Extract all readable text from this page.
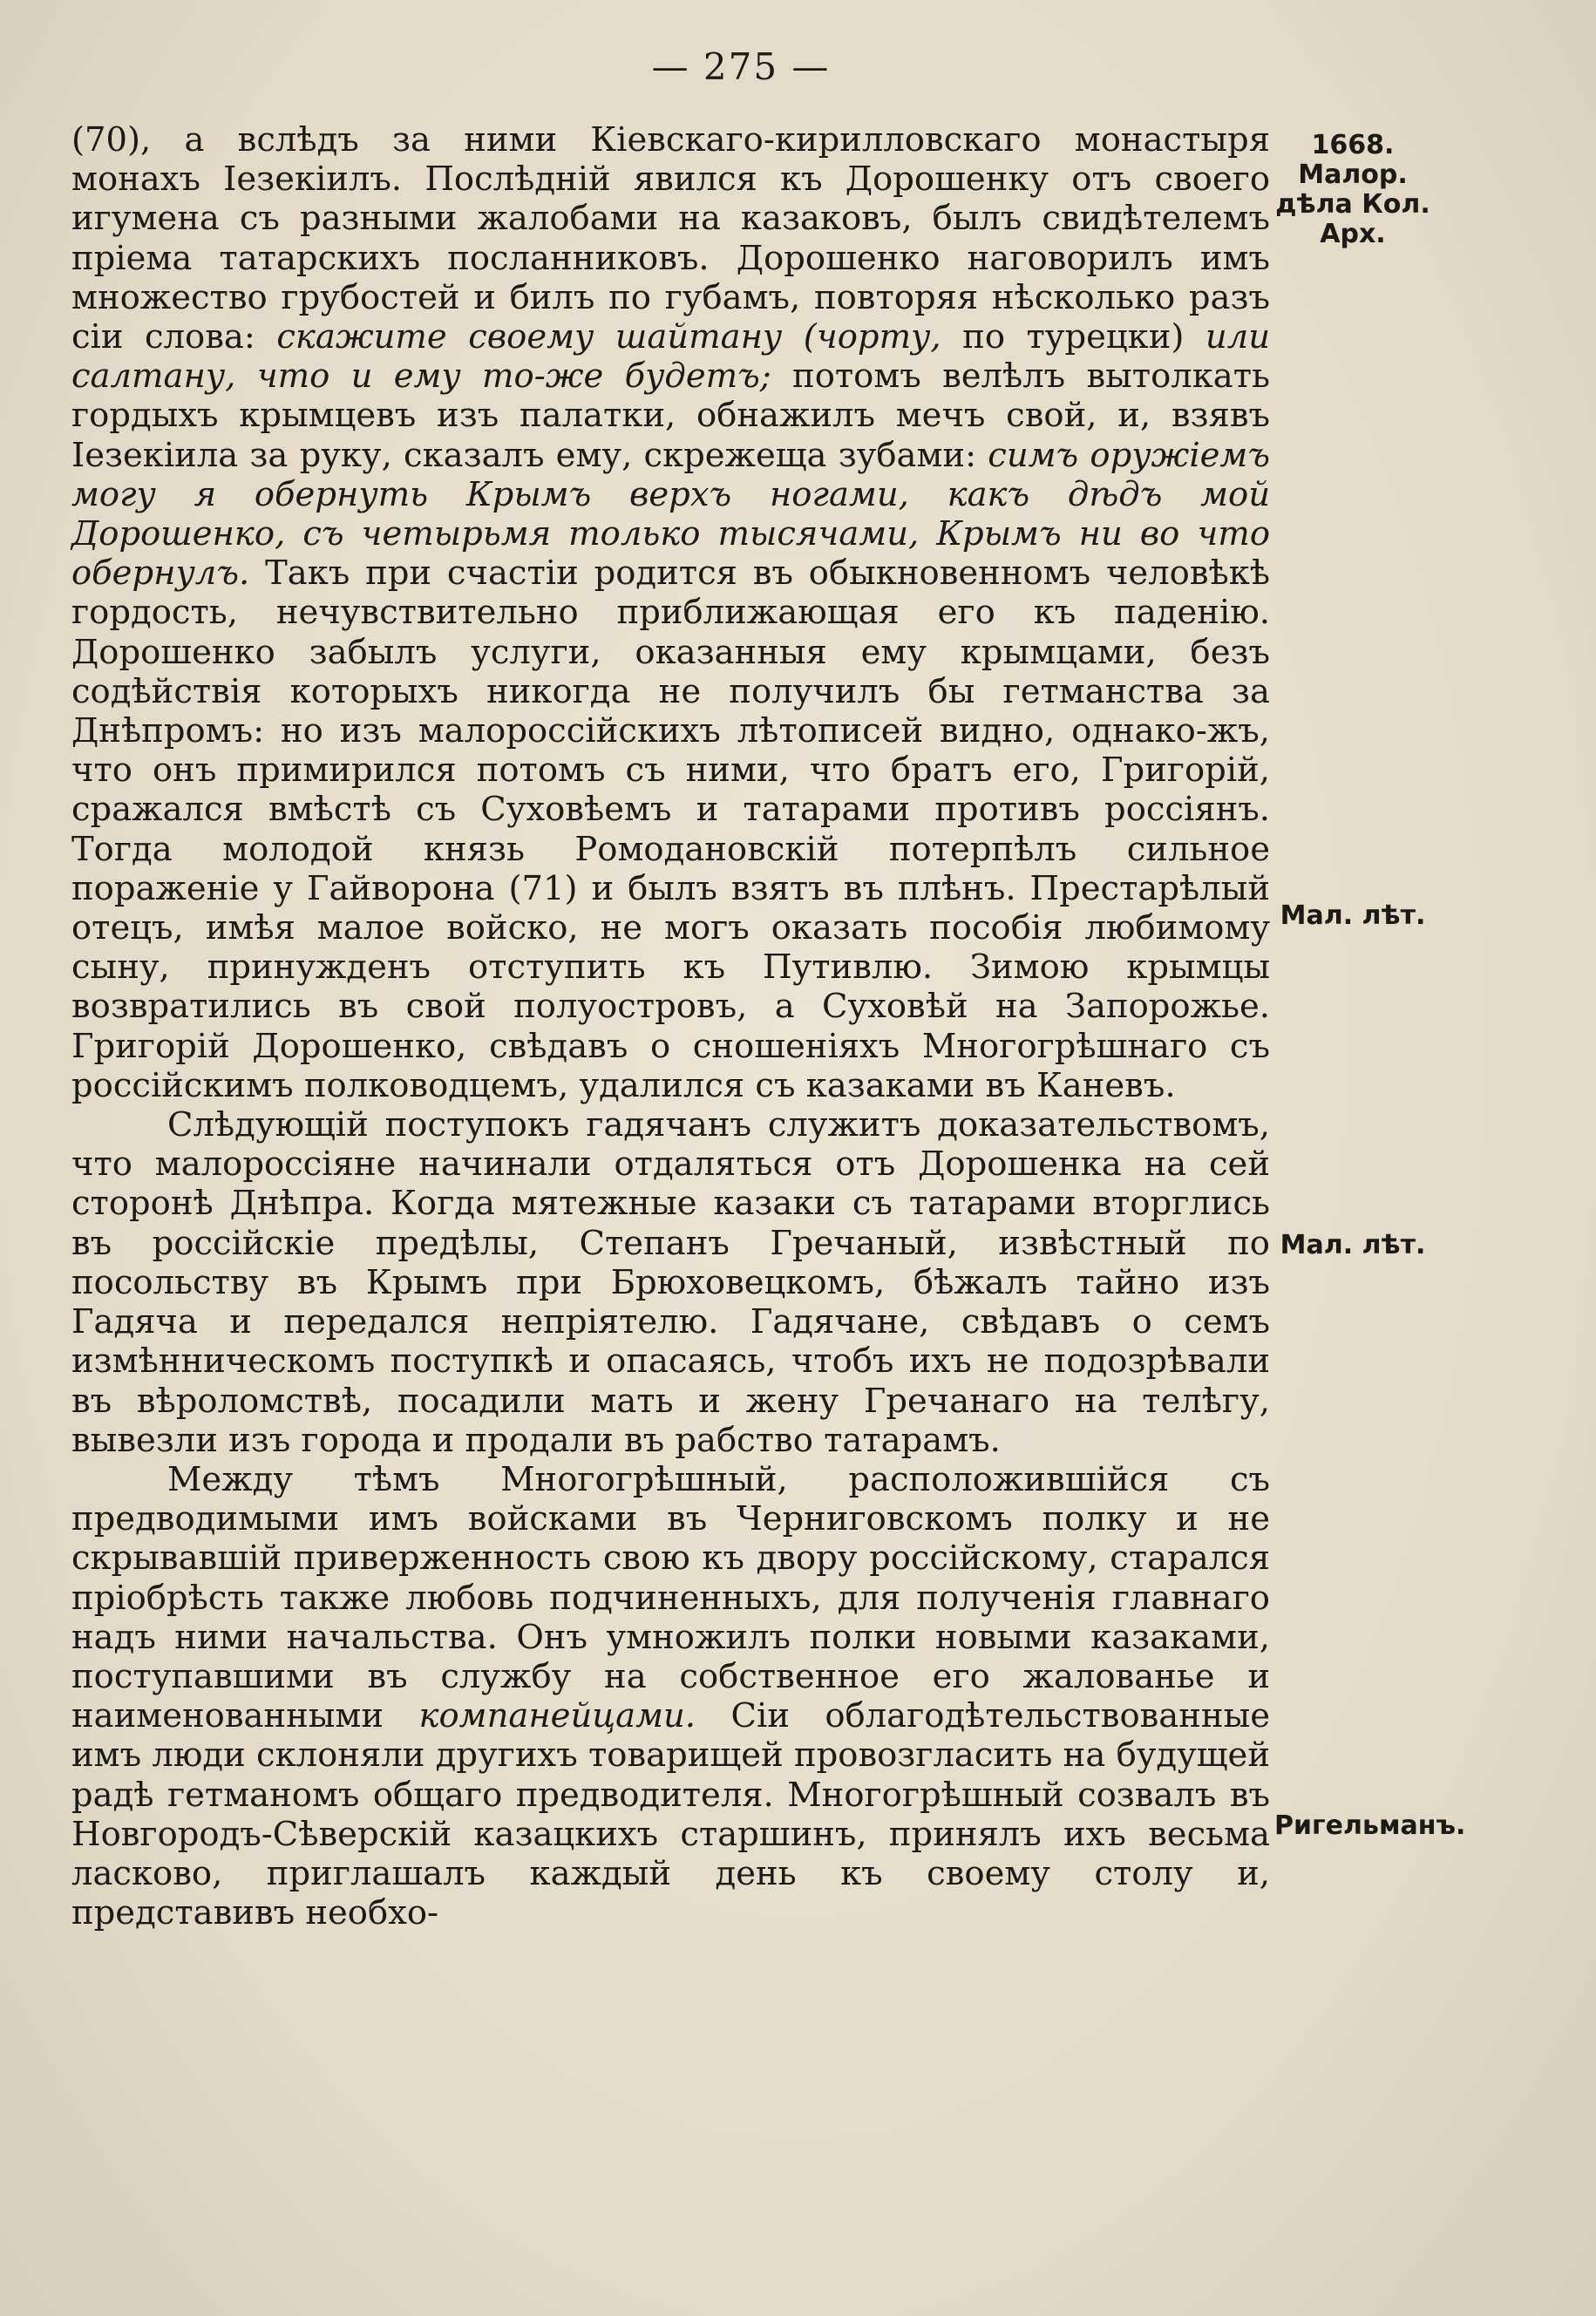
— 275 —

(70), а вслѣдъ за ними Кіевскаго-кирилловскаго монастыря монахъ Іезекіилъ. Послѣдній явился къ Дорошенку отъ своего игумена съ разными жалобами на казаковъ, былъ свидѣтелемъ пріема татарскихъ посланниковъ. Дорошенко наговорилъ имъ множество грубостей и билъ по губамъ, повторяя нѣсколько разъ сіи слова: скажите своему шайтану (чорту, по турецки) или салтану, что и ему то-же будетъ; потомъ велѣлъ вытолкать гордыхъ крымцевъ изъ палатки, обнажилъ мечъ свой, и, взявъ Іезекіила за руку, сказалъ ему, скрежеща зубами: симъ оружіемъ могу я обернуть Крымъ верхъ ногами, какъ дѣдъ мой Дорошенко, съ четырьмя только тысячами, Крымъ ни во что обернулъ. Такъ при счастіи родится въ обыкновенномъ человѣкѣ гордость, нечувствительно приближающая его къ паденію. Дорошенко забылъ услуги, оказанныя ему крымцами, безъ содѣйствія которыхъ никогда не получилъ бы гетманства за Днѣпромъ: но изъ малороссійскихъ лѣтописей видно, однако-жъ, что онъ примирился потомъ съ ними, что братъ его, Григорій, сражался вмѣстѣ съ Суховѣемъ и татарами противъ россіянъ. Тогда молодой князь Ромодановскій потерпѣлъ сильное пораженіе у Гайворона (71) и былъ взятъ въ плѣнъ. Престарѣлый отецъ, имѣя малое войско, не могъ оказать пособія любимому сыну, принужденъ отступить къ Путивлю. Зимою крымцы возвратились въ свой полуостровъ, а Суховѣй на Запорожье. Григорій Дорошенко, свѣдавъ о сношеніяхъ Многогрѣшнаго съ россійскимъ полководцемъ, удалился съ казаками въ Каневъ.

Слѣдующій поступокъ гадячанъ служитъ доказательствомъ, что малороссіяне начинали отдаляться отъ Дорошенка на сей сторонѣ Днѣпра. Когда мятежные казаки съ татарами вторглись въ россійскіе предѣлы, Степанъ Гречаный, извѣстный по посольству въ Крымъ при Брюховецкомъ, бѣжалъ тайно изъ Гадяча и передался непріятелю. Гадячане, свѣдавъ о семъ измѣнническомъ поступкѣ и опасаясь, чтобъ ихъ не подозрѣвали въ вѣроломствѣ, посадили мать и жену Гречанаго на телѣгу, вывезли изъ города и продали въ рабство татарамъ.

Между тѣмъ Многогрѣшный, расположившійся съ предводимыми имъ войсками въ Черниговскомъ полку и не скрывавшій приверженность свою къ двору россійскому, старался пріобрѣсть также любовь подчиненныхъ, для полученія главнаго надъ ними начальства. Онъ умножилъ полки новыми казаками, поступавшими въ службу на собственное его жалованье и наименованными компанейцами. Сіи облагодѣтельствованные имъ люди склоняли другихъ товарищей провозгласить на будущей радѣ гетманомъ общаго предводителя. Многогрѣшный созвалъ въ Новгородъ-Сѣверскій казацкихъ старшинъ, принялъ ихъ весьма ласково, приглашалъ каждый день къ своему столу и, представивъ необхо-

1668. Малор. дѣла Кол. Арх.
Мал. лѣт.
Мал. лѣт.
Ригельманъ.
